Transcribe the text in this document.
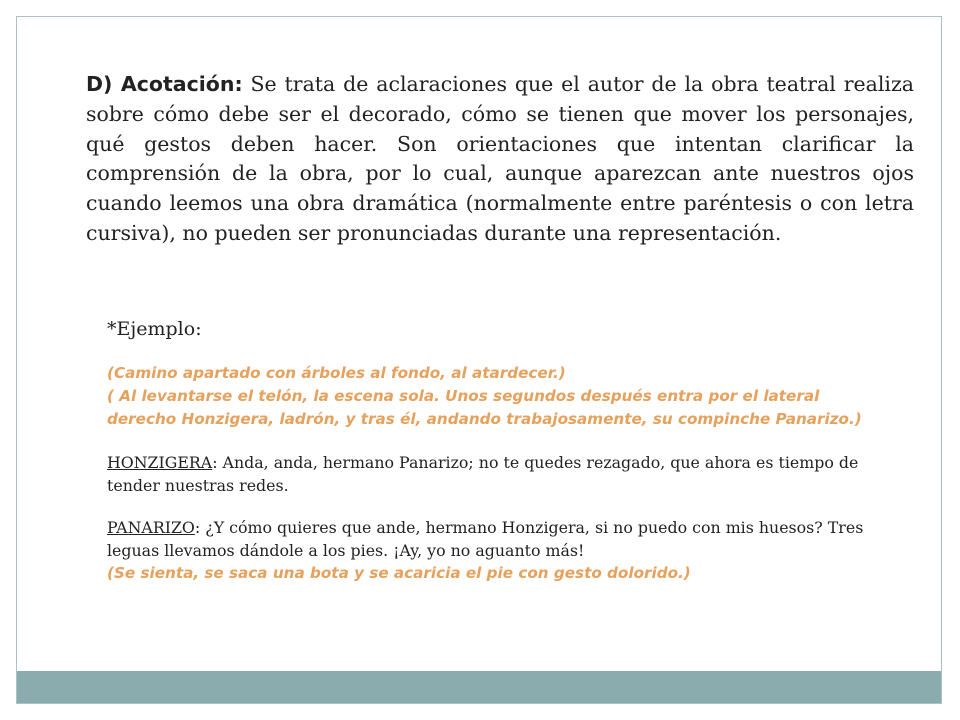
D) Acotación: Se trata de aclaraciones que el autor de la obra teatral realiza sobre cómo debe ser el decorado, cómo se tienen que mover los personajes, qué gestos deben hacer. Son orientaciones que intentan clarificar la comprensión de la obra, por lo cual, aunque aparezcan ante nuestros ojos cuando leemos una obra dramática (normalmente entre paréntesis o con letra cursiva), no pueden ser pronunciadas durante una representación.

*Ejemplo:

(Camino apartado con árboles al fondo, al atardecer.)

( Al levantarse el telón, la escena sola. Unos segundos después entra por el lateral derecho Honzigera, ladrón, y tras él, andando trabajosamente, su compinche Panarizo.)

HONZIGERA: Anda, anda, hermano Panarizo; no te quedes rezagado, que ahora es tiempo de tender nuestras redes.

PANARIZO: ¿Y cómo quieres que ande, hermano Honzigera, si no puedo con mis huesos? Tres leguas llevamos dándole a los pies. ¡Ay, yo no aguanto más!

(Se sienta, se saca una bota y se acaricia el pie con gesto dolorido.)
